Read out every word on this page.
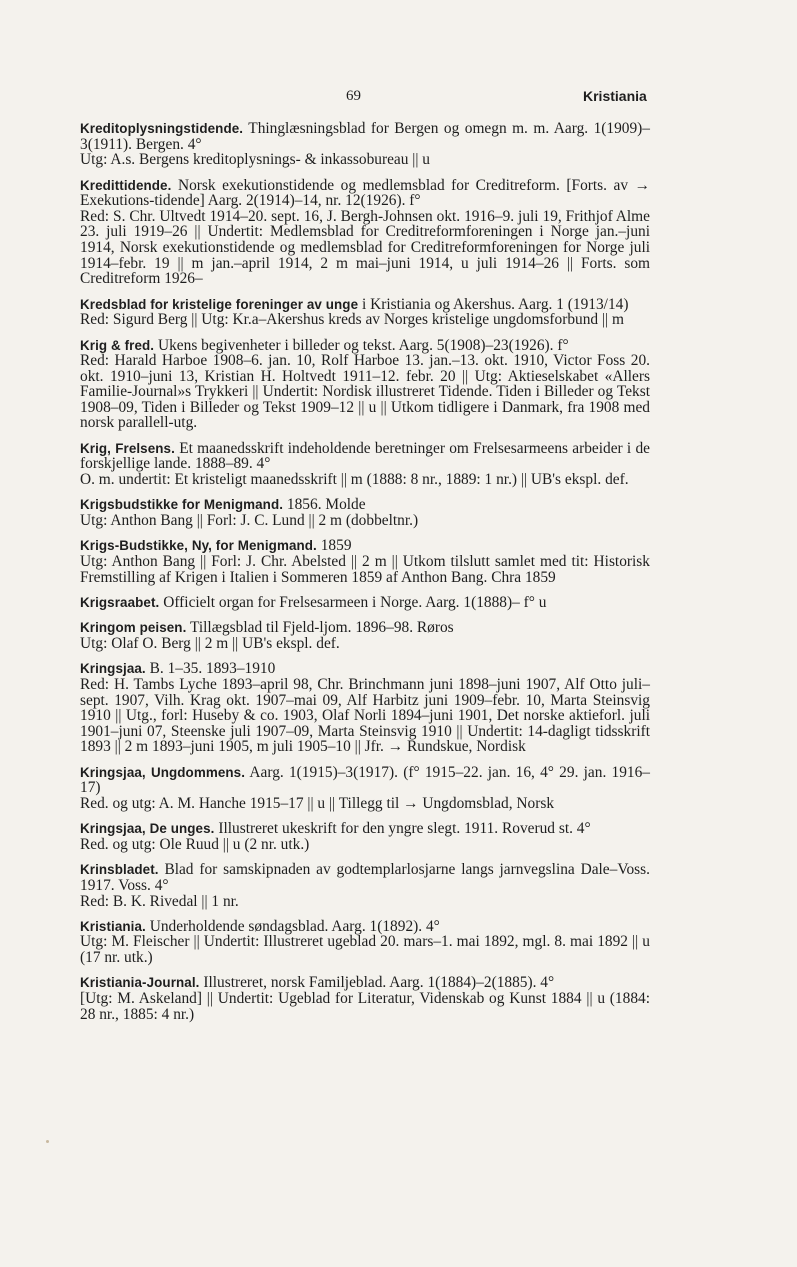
69	Kristiania

Kreditoplysningstidende. Thinglæsningsblad for Bergen og omegn m. m. Aarg. 1(1909)–3(1911). Bergen. 4°

Utg: A.s. Bergens kreditoplysnings- & inkassobureau || u

Kredittidende. Norsk exekutionstidende og medlemsblad for Creditreform. [Forts. av → Exekutions-tidende] Aarg. 2(1914)–14, nr. 12(1926). f°

Red: S. Chr. Ultvedt 1914–20. sept. 16, J. Bergh-Johnsen okt. 1916–9. juli 19, Frithjof Alme 23. juli 1919–26 || Undertit: Medlemsblad for Creditreformforeningen i Norge jan.–juni 1914, Norsk exekutionstidende og medlemsblad for Creditreformforeningen for Norge juli 1914–febr. 19 || m jan.–april 1914, 2 m mai–juni 1914, u juli 1914–26 || Forts. som Creditreform 1926–

Kredsblad for kristelige foreninger av unge i Kristiania og Akershus. Aarg. 1 (1913/14)

Red: Sigurd Berg || Utg: Kr.a–Akershus kreds av Norges kristelige ungdomsforbund || m

Krig & fred. Ukens begivenheter i billeder og tekst. Aarg. 5(1908)–23(1926). f°

Red: Harald Harboe 1908–6. jan. 10, Rolf Harboe 13. jan.–13. okt. 1910, Victor Foss 20. okt. 1910–juni 13, Kristian H. Holtvedt 1911–12. febr. 20 || Utg: Aktieselskabet «Allers Familie-Journal»s Trykkeri || Undertit: Nordisk illustreret Tidende. Tiden i Billeder og Tekst 1908–09, Tiden i Billeder og Tekst 1909–12 || u || Utkom tidligere i Danmark, fra 1908 med norsk parallell-utg.

Krig, Frelsens. Et maanedsskrift indeholdende beretninger om Frelsesarmeens arbeider i de forskjellige lande. 1888–89. 4°

O. m. undertit: Et kristeligt maanedsskrift || m (1888: 8 nr., 1889: 1 nr.) || UB's ekspl. def.

Krigsbudstikke for Menigmand. 1856. Molde

Utg: Anthon Bang || Forl: J. C. Lund || 2 m (dobbeltnr.)

Krigs-Budstikke, Ny, for Menigmand. 1859

Utg: Anthon Bang || Forl: J. Chr. Abelsted || 2 m || Utkom tilslutt samlet med tit: Historisk Fremstilling af Krigen i Italien i Sommeren 1859 af Anthon Bang. Chra 1859

Krigsraabet. Officielt organ for Frelsesarmeen i Norge. Aarg. 1(1888)– f° u

Kringom peisen. Tillægsblad til Fjeld-ljom. 1896–98. Røros

Utg: Olaf O. Berg || 2 m || UB's ekspl. def.

Kringsjaa. B. 1–35. 1893–1910

Red: H. Tambs Lyche 1893–april 98, Chr. Brinchmann juni 1898–juni 1907, Alf Otto juli–sept. 1907, Vilh. Krag okt. 1907–mai 09, Alf Harbitz juni 1909–febr. 10, Marta Steinsvig 1910 || Utg., forl: Huseby & co. 1903, Olaf Norli 1894–juni 1901, Det norske aktieforl. juli 1901–juni 07, Steenske juli 1907–09, Marta Steinsvig 1910 || Undertit: 14-dagligt tidsskrift 1893 || 2 m 1893–juni 1905, m juli 1905–10 || Jfr. → Rundskue, Nordisk

Kringsjaa, Ungdommens. Aarg. 1(1915)–3(1917). (f° 1915–22. jan. 16, 4° 29. jan. 1916–17)

Red. og utg: A. M. Hanche 1915–17 || u || Tillegg til → Ungdomsblad, Norsk

Kringsjaa, De unges. Illustreret ukeskrift for den yngre slegt. 1911. Roverud st. 4°

Red. og utg: Ole Ruud || u (2 nr. utk.)

Krinsbladet. Blad for samskipnaden av godtemplarlosjarne langs jarnvegslina Dale–Voss. 1917. Voss. 4°

Red: B. K. Rivedal || 1 nr.

Kristiania. Underholdende søndagsblad. Aarg. 1(1892). 4°

Utg: M. Fleischer || Undertit: Illustreret ugeblad 20. mars–1. mai 1892, mgl. 8. mai 1892 || u (17 nr. utk.)

Kristiania-Journal. Illustreret, norsk Familjeblad. Aarg. 1(1884)–2(1885). 4°

[Utg: M. Askeland] || Undertit: Ugeblad for Literatur, Videnskab og Kunst 1884 || u (1884: 28 nr., 1885: 4 nr.)
